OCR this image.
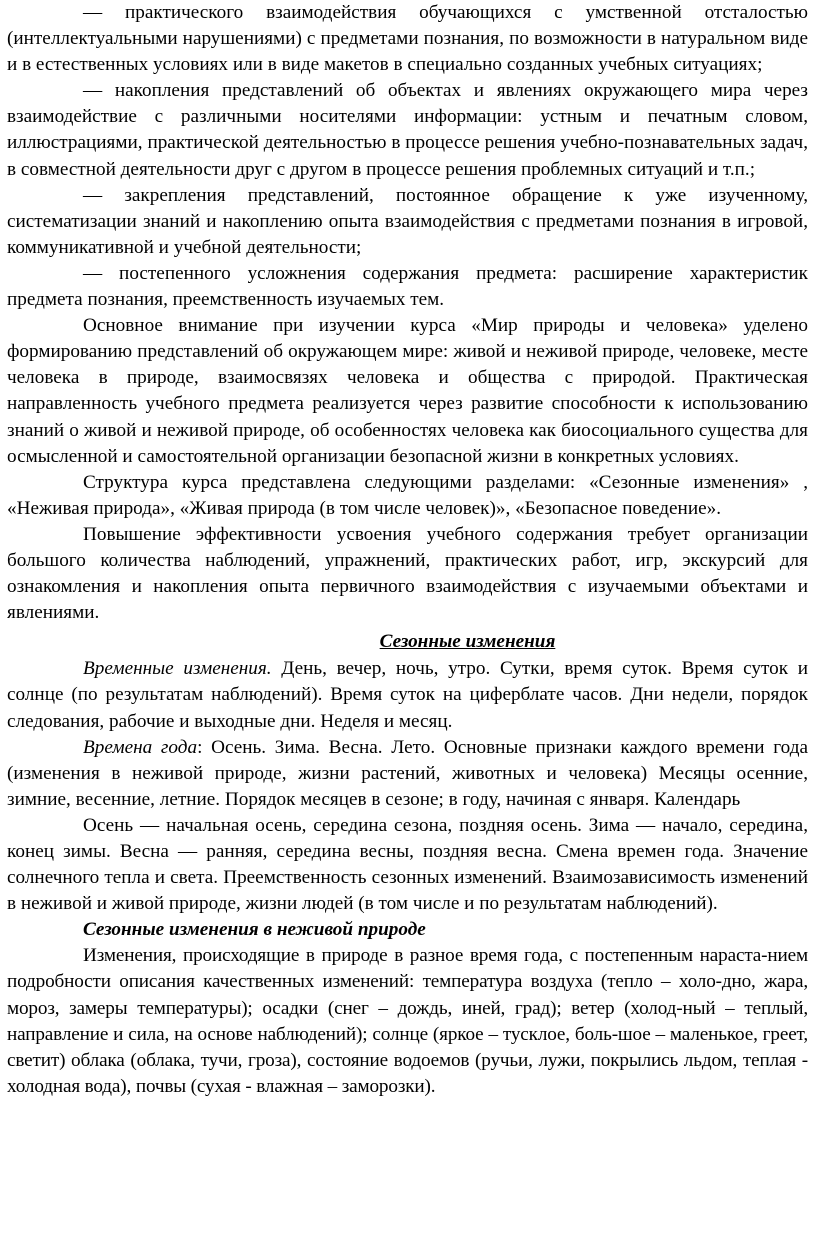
— практического взаимодействия обучающихся с умственной отсталостью (интеллектуальными нарушениями) с предметами познания, по возможности в натуральном виде и в естественных условиях или в виде макетов в специально созданных учебных ситуациях;

— накопления представлений об объектах и явлениях окружающего мира через взаимодействие с различными носителями информации: устным и печатным словом, иллюстрациями, практической деятельностью в процессе решения учебно-познавательных задач, в совместной деятельности друг с другом в процессе решения проблемных ситуаций и т.п.;

— закрепления представлений, постоянное обращение к уже изученному, систематизации знаний и накоплению опыта взаимодействия с предметами познания в игровой, коммуникативной и учебной деятельности;

— постепенного усложнения содержания предмета: расширение характеристик предмета познания, преемственность изучаемых тем.

Основное внимание при изучении курса «Мир природы и человека» уделено формированию представлений об окружающем мире: живой и неживой природе, человеке, месте человека в природе, взаимосвязях человека и общества с природой. Практическая направленность учебного предмета реализуется через развитие способности к использованию знаний о живой и неживой природе, об особенностях человека как биосоциального существа для осмысленной и самостоятельной организации безопасной жизни в конкретных условиях.

Структура курса представлена следующими разделами: «Сезонные изменения» , «Неживая природа», «Живая природа (в том числе человек)», «Безопасное поведение».

Повышение эффективности усвоения учебного содержания требует организации большого количества наблюдений, упражнений, практических работ, игр, экскурсий для ознакомления и накопления опыта первичного взаимодействия с изучаемыми объектами и явлениями.

Сезонные изменения

Временные изменения. День, вечер, ночь, утро. Сутки, время суток. Время суток и солнце (по результатам наблюдений). Время суток на циферблате часов. Дни недели, порядок следования, рабочие и выходные дни. Неделя и месяц.

Времена года: Осень. Зима. Весна. Лето. Основные признаки каждого времени года (изменения в неживой природе, жизни растений, животных и человека) Месяцы осенние, зимние, весенние, летние. Порядок месяцев в сезоне; в году, начиная с января. Календарь

Осень — начальная осень, середина сезона, поздняя осень. Зима — начало, середина, конец зимы. Весна — ранняя, середина весны, поздняя весна. Смена времен года. Значение солнечного тепла и света. Преемственность сезонных изменений. Взаимозависимость изменений в неживой и живой природе, жизни людей (в том числе и по результатам наблюдений).

Сезонные изменения в неживой природе

Изменения, происходящие в природе в разное время года, с постепенным нараста-нием подробности описания качественных изменений: температура воздуха (тепло – холо-дно, жара, мороз, замеры температуры); осадки (снег – дождь, иней, град); ветер (холод-ный – теплый, направление и сила, на основе наблюдений); солнце (яркое – тусклое, боль-шое – маленькое, греет, светит) облака (облака, тучи, гроза), состояние водоемов (ручьи, лужи, покрылись льдом, теплая - холодная вода), почвы (сухая - влажная – заморозки).
